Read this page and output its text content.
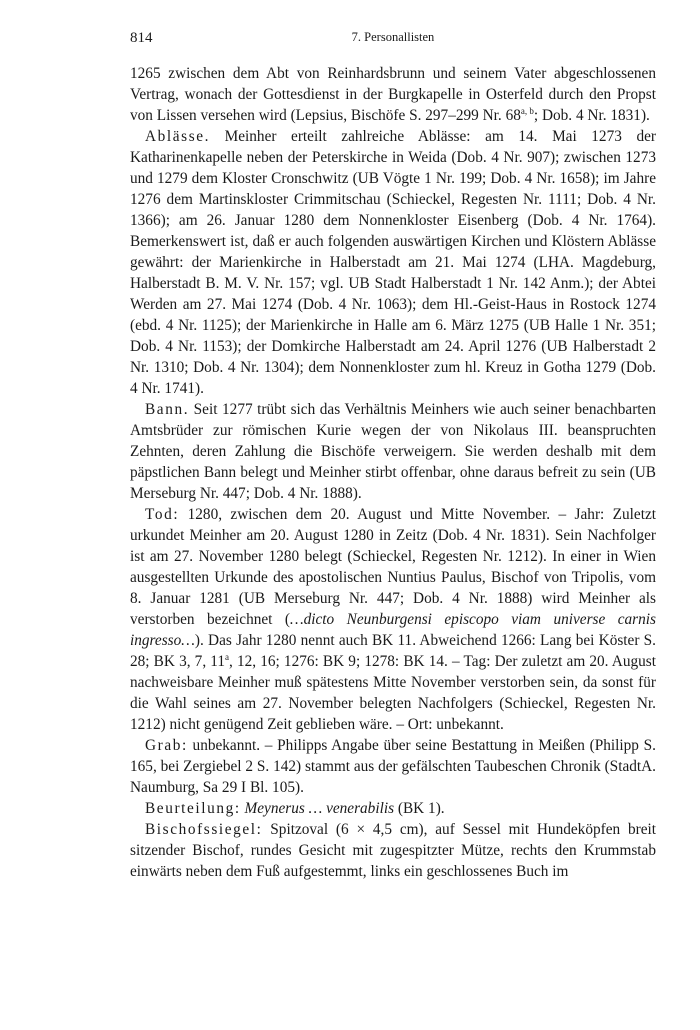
7. Personallisten
814

1265 zwischen dem Abt von Reinhardsbrunn und seinem Vater abgeschlossenen Vertrag, wonach der Gottesdienst in der Burgkapelle in Osterfeld durch den Propst von Lissen versehen wird (Lepsius, Bischöfe S. 297–299 Nr. 68$^{a, b}$; Dob. 4 Nr. 1831).

Ablässe. Meinher erteilt zahlreiche Ablässe: am 14. Mai 1273 der Katharinenkapelle neben der Peterskirche in Weida (Dob. 4 Nr. 907); zwischen 1273 und 1279 dem Kloster Cronschwitz (UB Vögte 1 Nr. 199; Dob. 4 Nr. 1658); im Jahre 1276 dem Martinskloster Crimmitschau (Schieckel, Regesten Nr. 1111; Dob. 4 Nr. 1366); am 26. Januar 1280 dem Nonnenkloster Eisenberg (Dob. 4 Nr. 1764). Bemerkenswert ist, daß er auch folgenden auswärtigen Kirchen und Klöstern Ablässe gewährt: der Marienkirche in Halberstadt am 21. Mai 1274 (LHA. Magdeburg, Halberstadt B. M. V. Nr. 157; vgl. UB Stadt Halberstadt 1 Nr. 142 Anm.); der Abtei Werden am 27. Mai 1274 (Dob. 4 Nr. 1063); dem Hl.-Geist-Haus in Rostock 1274 (ebd. 4 Nr. 1125); der Marienkirche in Halle am 6. März 1275 (UB Halle 1 Nr. 351; Dob. 4 Nr. 1153); der Domkirche Halberstadt am 24. April 1276 (UB Halberstadt 2 Nr. 1310; Dob. 4 Nr. 1304); dem Nonnenkloster zum hl. Kreuz in Gotha 1279 (Dob. 4 Nr. 1741).

Bann. Seit 1277 trübt sich das Verhältnis Meinhers wie auch seiner benachbarten Amtsbrüder zur römischen Kurie wegen der von Nikolaus III. beanspruchten Zehnten, deren Zahlung die Bischöfe verweigern. Sie werden deshalb mit dem päpstlichen Bann belegt und Meinher stirbt offenbar, ohne daraus befreit zu sein (UB Merseburg Nr. 447; Dob. 4 Nr. 1888).

Tod: 1280, zwischen dem 20. August und Mitte November. – Jahr: Zuletzt urkundet Meinher am 20. August 1280 in Zeitz (Dob. 4 Nr. 1831). Sein Nachfolger ist am 27. November 1280 belegt (Schieckel, Regesten Nr. 1212). In einer in Wien ausgestellten Urkunde des apostolischen Nuntius Paulus, Bischof von Tripolis, vom 8. Januar 1281 (UB Merseburg Nr. 447; Dob. 4 Nr. 1888) wird Meinher als verstorben bezeichnet (…dicto Neunburgensi episcopo viam universe carnis ingresso…). Das Jahr 1280 nennt auch BK 11. Abweichend 1266: Lang bei Köster S. 28; BK 3, 7, 11$^a$, 12, 16; 1276: BK 9; 1278: BK 14. – Tag: Der zuletzt am 20. August nachweisbare Meinher muß spätestens Mitte November verstorben sein, da sonst für die Wahl seines am 27. November belegten Nachfolgers (Schieckel, Regesten Nr. 1212) nicht genügend Zeit geblieben wäre. – Ort: unbekannt.

Grab: unbekannt. – Philipps Angabe über seine Bestattung in Meißen (Philipp S. 165, bei Zergiebel 2 S. 142) stammt aus der gefälschten Taubeschen Chronik (StadtA. Naumburg, Sa 29 I Bl. 105).

Beurteilung: Meynerus … venerabilis (BK 1).

Bischofssiegel: Spitzoval (6 × 4,5 cm), auf Sessel mit Hundeköpfen breit sitzender Bischof, rundes Gesicht mit zugespitzter Mütze, rechts den Krummstab einwärts neben dem Fuß aufgestemmt, links ein geschlossenes Buch im
